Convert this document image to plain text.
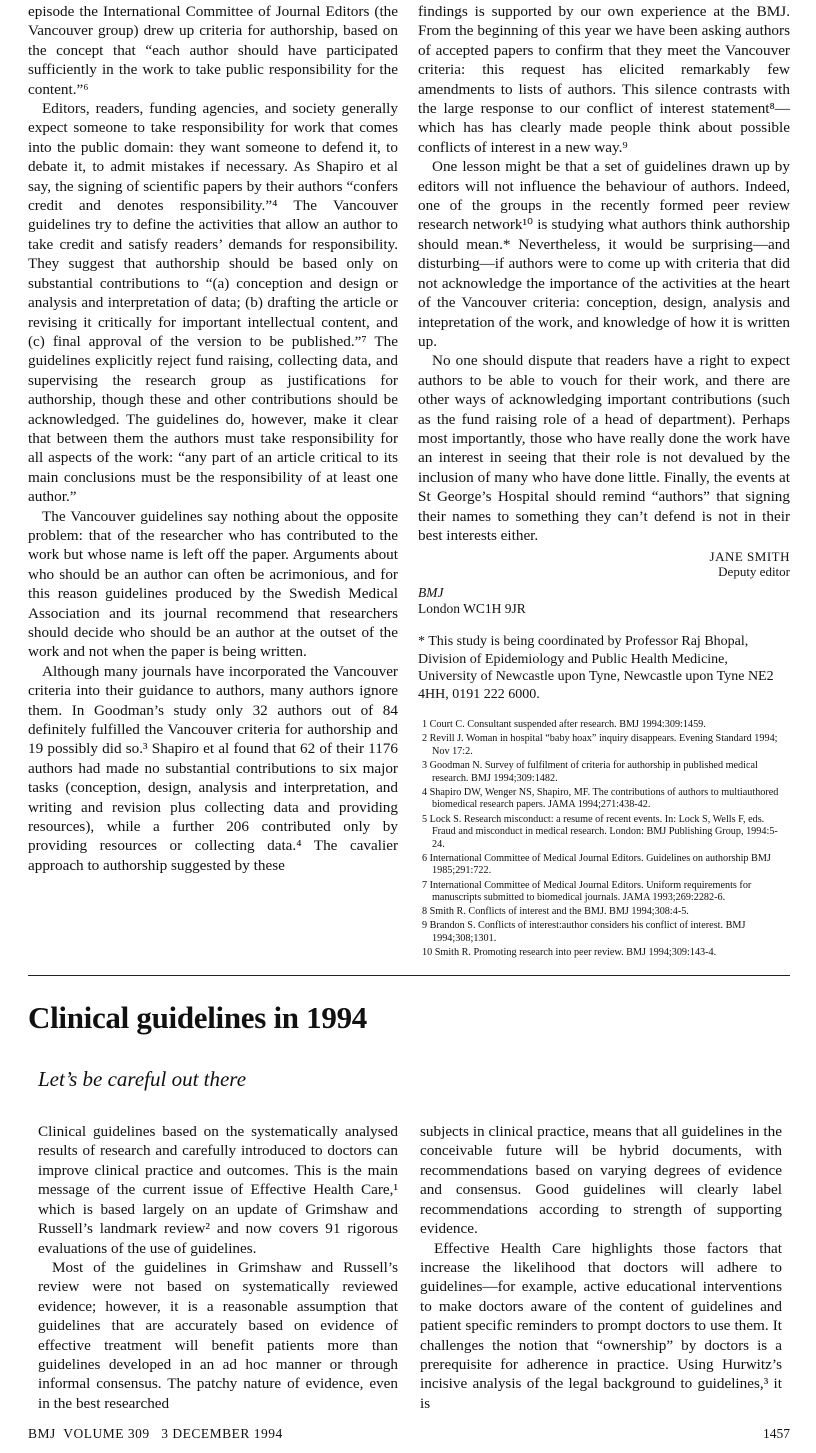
episode the International Committee of Journal Editors (the Vancouver group) drew up criteria for authorship, based on the concept that “each author should have participated sufficiently in the work to take public responsibility for the content.”⁶

Editors, readers, funding agencies, and society generally expect someone to take responsibility for work that comes into the public domain: they want someone to defend it, to debate it, to admit mistakes if necessary. As Shapiro et al say, the signing of scientific papers by their authors “confers credit and denotes responsibility.”⁴ The Vancouver guidelines try to define the activities that allow an author to take credit and satisfy readers’ demands for responsibility. They suggest that authorship should be based only on substantial contributions to “(a) conception and design or analysis and interpretation of data; (b) drafting the article or revising it critically for important intellectual content, and (c) final approval of the version to be published.”⁷ The guidelines explicitly reject fund raising, collecting data, and supervising the research group as justifications for authorship, though these and other contributions should be acknowledged. The guidelines do, however, make it clear that between them the authors must take responsibility for all aspects of the work: “any part of an article critical to its main conclusions must be the responsibility of at least one author.”

The Vancouver guidelines say nothing about the opposite problem: that of the researcher who has contributed to the work but whose name is left off the paper. Arguments about who should be an author can often be acrimonious, and for this reason guidelines produced by the Swedish Medical Association and its journal recommend that researchers should decide who should be an author at the outset of the work and not when the paper is being written.

Although many journals have incorporated the Vancouver criteria into their guidance to authors, many authors ignore them. In Goodman’s study only 32 authors out of 84 definitely fulfilled the Vancouver criteria for authorship and 19 possibly did so.³ Shapiro et al found that 62 of their 1176 authors had made no substantial contributions to six major tasks (conception, design, analysis and interpretation, and writing and revision plus collecting data and providing resources), while a further 206 contributed only by providing resources or collecting data.⁴ The cavalier approach to authorship suggested by these

findings is supported by our own experience at the BMJ. From the beginning of this year we have been asking authors of accepted papers to confirm that they meet the Vancouver criteria: this request has elicited remarkably few amendments to lists of authors. This silence contrasts with the large response to our conflict of interest statement⁸—which has has clearly made people think about possible conflicts of interest in a new way.⁹

One lesson might be that a set of guidelines drawn up by editors will not influence the behaviour of authors. Indeed, one of the groups in the recently formed peer review research network¹⁰ is studying what authors think authorship should mean.* Nevertheless, it would be surprising—and disturbing—if authors were to come up with criteria that did not acknowledge the importance of the activities at the heart of the Vancouver criteria: conception, design, analysis and intepretation of the work, and knowledge of how it is written up.

No one should dispute that readers have a right to expect authors to be able to vouch for their work, and there are other ways of acknowledging important contributions (such as the fund raising role of a head of department). Perhaps most importantly, those who have really done the work have an interest in seeing that their role is not devalued by the inclusion of many who have done little. Finally, the events at St George’s Hospital should remind “authors” that signing their names to something they can’t defend is not in their best interests either.

JANE SMITH
Deputy editor
BMJ
London WC1H 9JR
* This study is being coordinated by Professor Raj Bhopal, Division of Epidemiology and Public Health Medicine, University of Newcastle upon Tyne, Newcastle upon Tyne NE2 4HH, 0191 222 6000.
1 Court C. Consultant suspended after research. BMJ 1994:309:1459.
2 Revill J. Woman in hospital “baby hoax” inquiry disappears. Evening Standard 1994; Nov 17:2.
3 Goodman N. Survey of fulfilment of criteria for authorship in published medical research. BMJ 1994;309:1482.
4 Shapiro DW, Wenger NS, Shapiro, MF. The contributions of authors to multiauthored biomedical research papers. JAMA 1994;271:438-42.
5 Lock S. Research misconduct: a resume of recent events. In: Lock S, Wells F, eds. Fraud and misconduct in medical research. London: BMJ Publishing Group, 1994:5-24.
6 International Committee of Medical Journal Editors. Guidelines on authorship BMJ 1985;291:722.
7 International Committee of Medical Journal Editors. Uniform requirements for manuscripts submitted to biomedical journals. JAMA 1993;269:2282-6.
8 Smith R. Conflicts of interest and the BMJ. BMJ 1994;308:4-5.
9 Brandon S. Conflicts of interest:author considers his conflict of interest. BMJ 1994;308;1301.
10 Smith R. Promoting research into peer review. BMJ 1994;309:143-4.
Clinical guidelines in 1994
Let’s be careful out there

Clinical guidelines based on the systematically analysed results of research and carefully introduced to doctors can improve clinical practice and outcomes. This is the main message of the current issue of Effective Health Care,¹ which is based largely on an update of Grimshaw and Russell’s landmark review² and now covers 91 rigorous evaluations of the use of guidelines.

Most of the guidelines in Grimshaw and Russell’s review were not based on systematically reviewed evidence; however, it is a reasonable assumption that guidelines that are accurately based on evidence of effective treatment will benefit patients more than guidelines developed in an ad hoc manner or through informal consensus. The patchy nature of evidence, even in the best researched

subjects in clinical practice, means that all guidelines in the conceivable future will be hybrid documents, with recommendations based on varying degrees of evidence and consensus. Good guidelines will clearly label recommendations according to strength of supporting evidence.

Effective Health Care highlights those factors that increase the likelihood that doctors will adhere to guidelines—for example, active educational interventions to make doctors aware of the content of guidelines and patient specific reminders to prompt doctors to use them. It challenges the notion that “ownership” by doctors is a prerequisite for adherence in practice. Using Hurwitz’s incisive analysis of the legal background to guidelines,³ it is

BMJ  VOLUME 309   3 DECEMBER 1994	1457
